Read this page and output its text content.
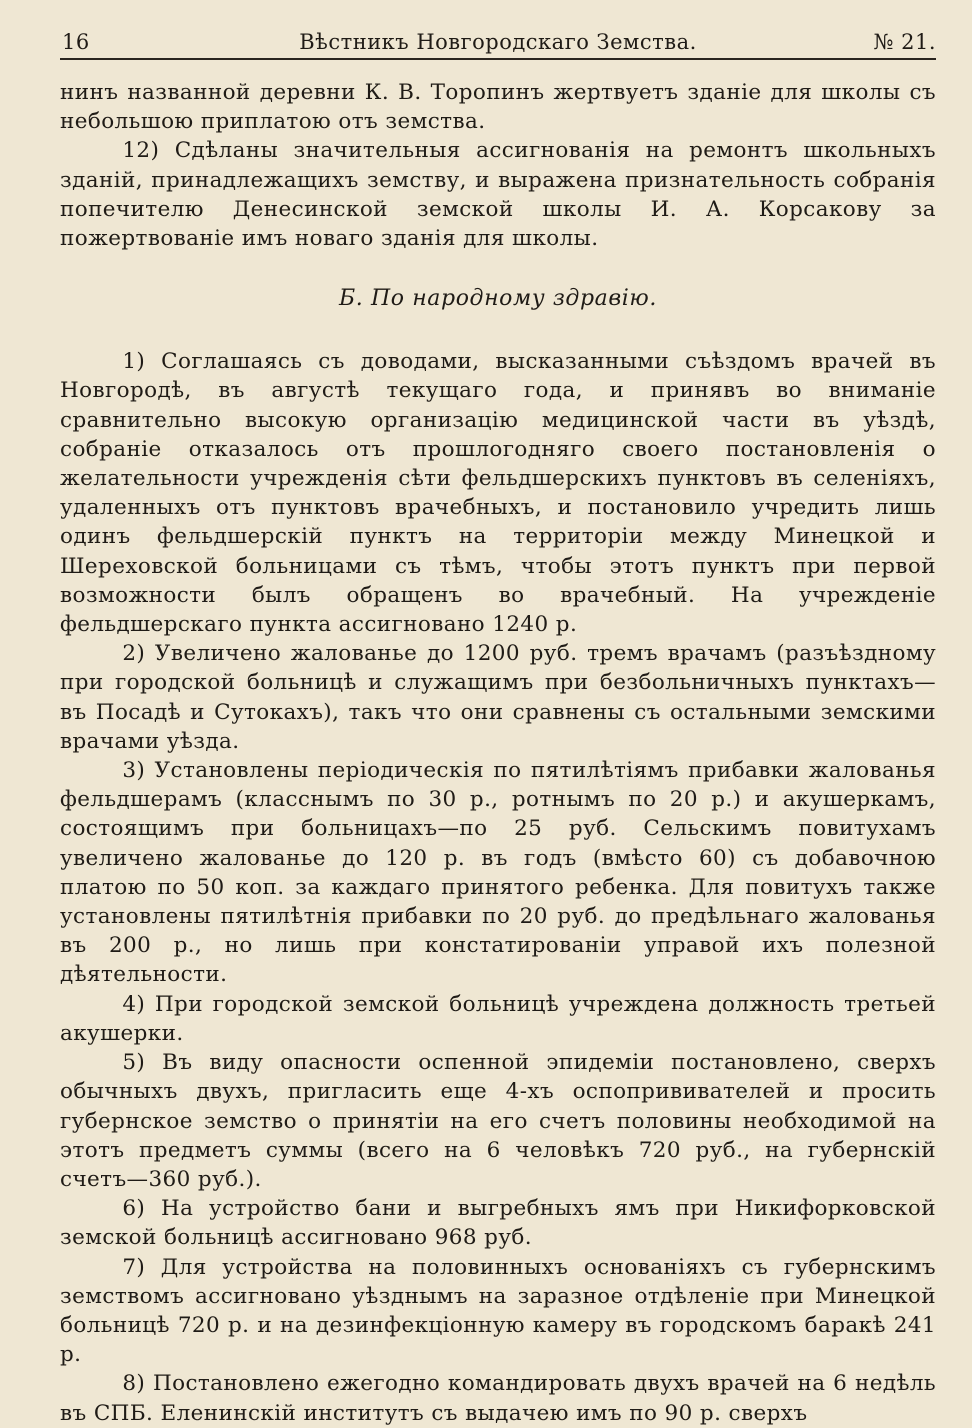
16	Вѣстникъ Новгородскаго Земства.	№ 21.

нинъ названной деревни К. В. Торопинъ жертвуетъ зданіе для школы съ небольшою приплатою отъ земства.

12) Сдѣланы значительныя ассигнованія на ремонтъ школьныхъ зданій, принадлежащихъ земству, и выражена признательность собранія попечителю Денесинской земской школы И. А. Корсакову за пожертвованіе имъ новаго зданія для школы.

Б. По народному здравію.

1) Соглашаясь съ доводами, высказанными съѣздомъ врачей въ Новгородѣ, въ августѣ текущаго года, и принявъ во вниманіе сравнительно высокую организацію медицинской части въ уѣздѣ, собраніе отказалось отъ прошлогодняго своего постановленія о желательности учрежденія сѣти фельдшерскихъ пунктовъ въ селеніяхъ, удаленныхъ отъ пунктовъ врачебныхъ, и постановило учредить лишь одинъ фельдшерскій пунктъ на территоріи между Минецкой и Шереховской больницами съ тѣмъ, чтобы этотъ пунктъ при первой возможности былъ обращенъ во врачебный. На учрежденіе фельдшерскаго пункта ассигновано 1240 р.

2) Увеличено жалованье до 1200 руб. тремъ врачамъ (разъѣздному при городской больницѣ и служащимъ при безбольничныхъ пунктахъ— въ Посадѣ и Сутокахъ), такъ что они сравнены съ остальными земскими врачами уѣзда.

3) Установлены періодическія по пятилѣтіямъ прибавки жалованья фельдшерамъ (класснымъ по 30 р., ротнымъ по 20 р.) и акушеркамъ, состоящимъ при больницахъ—по 25 руб. Сельскимъ повитухамъ увеличено жалованье до 120 р. въ годъ (вмѣсто 60) съ добавочною платою по 50 коп. за каждаго принятого ребенка. Для повитухъ также установлены пятилѣтнія прибавки по 20 руб. до предѣльнаго жалованья въ 200 р., но лишь при констатированіи управой ихъ полезной дѣятельности.

4) При городской земской больницѣ учреждена должность третьей акушерки.

5) Въ виду опасности оспенной эпидеміи постановлено, сверхъ обычныхъ двухъ, пригласить еще 4-хъ оспопрививателей и просить губернское земство о принятіи на его счетъ половины необходимой на этотъ предметъ суммы (всего на 6 человѣкъ 720 руб., на губернскій счетъ—360 руб.).

6) На устройство бани и выгребныхъ ямъ при Никифорковской земской больницѣ ассигновано 968 руб.

7) Для устройства на половинныхъ основаніяхъ съ губернскимъ земствомъ ассигновано уѣзднымъ на заразное отдѣленіе при Минецкой больницѣ 720 р. и на дезинфекціонную камеру въ городскомъ баракѣ 241 р.

8) Постановлено ежегодно командировать двухъ врачей на 6 недѣль въ СПБ. Еленинскій институтъ съ выдачею имъ по 90 р. сверхъ
